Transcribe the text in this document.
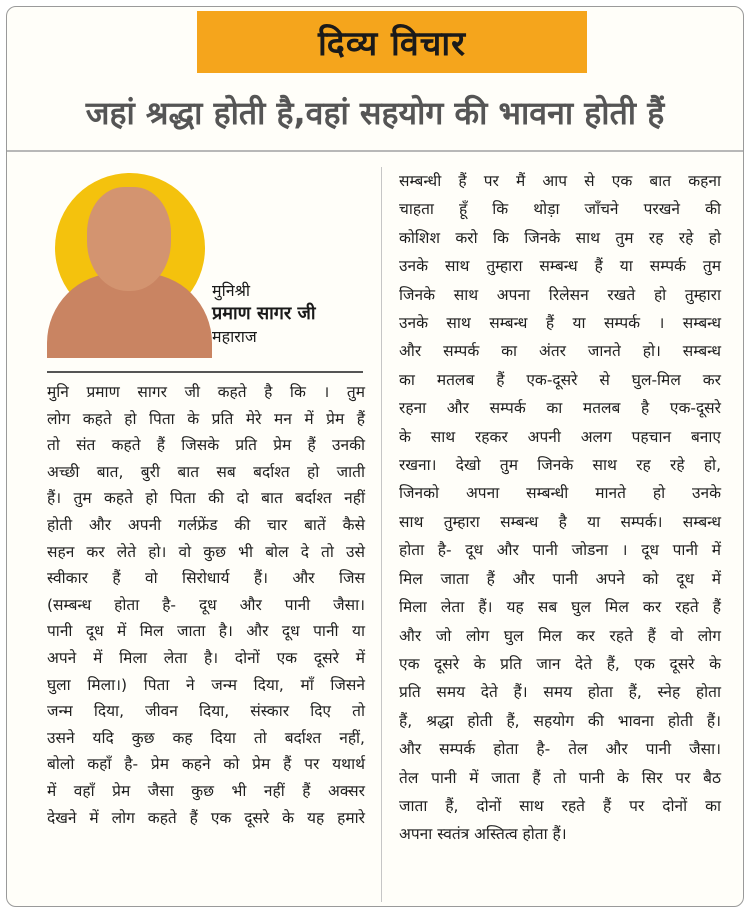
दिव्य विचार
जहां श्रद्धा होती है,वहां सहयोग की भावना होती हैं
मुनिश्री
प्रमाण सागर जी
महाराज

मुनि प्रमाण सागर जी कहते है कि । तुम
लोग कहते हो पिता के प्रति मेरे मन में प्रेम हैं
तो संत कहते हैं जिसके प्रति प्रेम हैं उनकी
अच्छी बात, बुरी बात सब बर्दाश्त हो जाती
हैं। तुम कहते हो पिता की दो बात बर्दाश्त नहीं
होती और अपनी गर्लफ्रेंड की चार बातें कैसे
सहन कर लेते हो। वो कुछ भी बोल दे तो उसे
स्वीकार हैं वो सिरोधार्य हैं। और जिस
(सम्बन्ध होता है- दूध और पानी जैसा।
पानी दूध में मिल जाता है। और दूध पानी या
अपने में मिला लेता है। दोनों एक दूसरे में
घुला मिला।) पिता ने जन्म दिया, माँ जिसने
जन्म दिया, जीवन दिया, संस्कार दिए तो
उसने यदि कुछ कह दिया तो बर्दाश्त नहीं,
बोलो कहाँ है- प्रेम कहने को प्रेम हैं पर यथार्थ
में वहाँ प्रेम जैसा कुछ भी नहीं हैं अक्सर
देखने में लोग कहते हैं एक दूसरे के यह हमारे

सम्बन्धी हैं पर मैं आप से एक बात कहना
चाहता हूँ कि थोड़ा जाँचने परखने की
कोशिश करो कि जिनके साथ तुम रह रहे हो
उनके साथ तुम्हारा सम्बन्ध हैं या सम्पर्क तुम
जिनके साथ अपना रिलेसन रखते हो तुम्हारा
उनके साथ सम्बन्ध हैं या सम्पर्क । सम्बन्ध
और सम्पर्क का अंतर जानते हो। सम्बन्ध
का मतलब हैं एक-दूसरे से घुल-मिल कर
रहना और सम्पर्क का मतलब है एक-दूसरे
के साथ रहकर अपनी अलग पहचान बनाए
रखना। देखो तुम जिनके साथ रह रहे हो,
जिनको अपना सम्बन्धी मानते हो उनके
साथ तुम्हारा सम्बन्ध है या सम्पर्क। सम्बन्ध
होता है- दूध और पानी जोडना । दूध पानी में
मिल जाता हैं और पानी अपने को दूध में
मिला लेता हैं। यह सब घुल मिल कर रहते हैं
और जो लोग घुल मिल कर रहते हैं वो लोग
एक दूसरे के प्रति जान देते हैं, एक दूसरे के
प्रति समय देते हैं। समय होता हैं, स्नेह होता
हैं, श्रद्धा होती हैं, सहयोग की भावना होती हैं।
और सम्पर्क होता है- तेल और पानी जैसा।
तेल पानी में जाता हैं तो पानी के सिर पर बैठ
जाता हैं, दोनों साथ रहते हैं पर दोनों का
अपना स्वतंत्र अस्तित्व होता हैं।
